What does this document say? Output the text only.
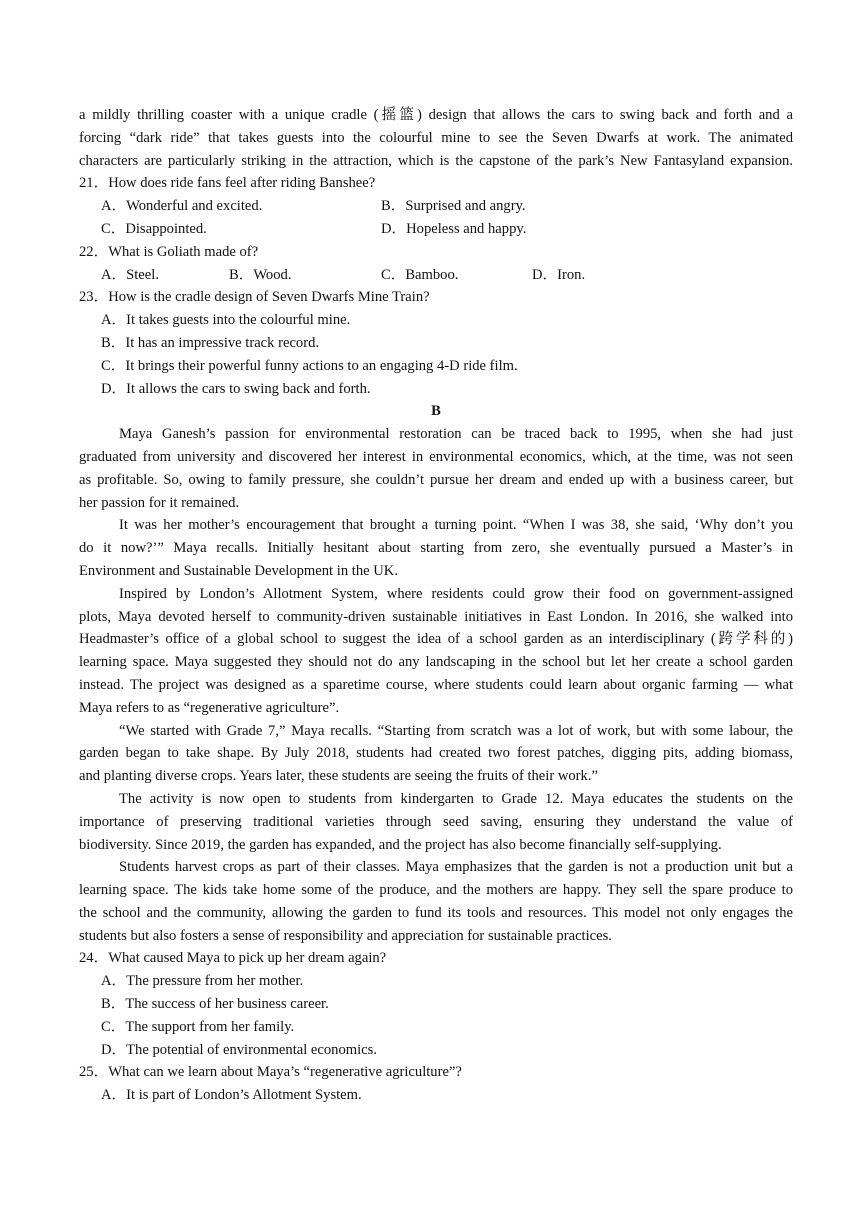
a mildly thrilling coaster with a unique cradle (摇篮) design that allows the cars to swing back and forth and a

forcing “dark ride” that takes guests into the colourful mine to see the Seven Dwarfs at work. The animated

characters are particularly striking in the attraction, which is the capstone of the park’s New Fantasyland expansion.

21．How does ride fans feel after riding Banshee?

A．Wonderful and excited.	B．Surprised and angry.
C．Disappointed.	D．Hopeless and happy.

22．What is Goliath made of?

A．Steel.	B．Wood.	C．Bamboo.	D．Iron.

23．How is the cradle design of Seven Dwarfs Mine Train?

A．It takes guests into the colourful mine.

B．It has an impressive track record.

C．It brings their powerful funny actions to an engaging 4-D ride film.

D．It allows the cars to swing back and forth.

B

Maya Ganesh’s passion for environmental restoration can be traced back to 1995, when she had just

graduated from university and discovered her interest in environmental economics, which, at the time, was not seen

as profitable. So, owing to family pressure, she couldn’t pursue her dream and ended up with a business career, but

her passion for it remained.

It was her mother’s encouragement that brought a turning point. “When I was 38, she said, ‘Why don’t you

do it now?’” Maya recalls. Initially hesitant about starting from zero, she eventually pursued a Master’s in

Environment and Sustainable Development in the UK.

Inspired by London’s Allotment System, where residents could grow their food on government-assigned

plots, Maya devoted herself to community-driven sustainable initiatives in East London. In 2016, she walked into

Headmaster’s office of a global school to suggest the idea of a school garden as an interdisciplinary (跨学科的)

learning space. Maya suggested they should not do any landscaping in the school but let her create a school garden

instead. The project was designed as a sparetime course, where students could learn about organic farming — what

Maya refers to as “regenerative agriculture”.

“We started with Grade 7,” Maya recalls. “Starting from scratch was a lot of work, but with some labour, the

garden began to take shape. By July 2018, students had created two forest patches, digging pits, adding biomass,

and planting diverse crops. Years later, these students are seeing the fruits of their work.”

The activity is now open to students from kindergarten to Grade 12. Maya educates the students on the

importance of preserving traditional varieties through seed saving, ensuring they understand the value of

biodiversity. Since 2019, the garden has expanded, and the project has also become financially self-supplying.

Students harvest crops as part of their classes. Maya emphasizes that the garden is not a production unit but a

learning space. The kids take home some of the produce, and the mothers are happy. They sell the spare produce to

the school and the community, allowing the garden to fund its tools and resources. This model not only engages the

students but also fosters a sense of responsibility and appreciation for sustainable practices.

24．What caused Maya to pick up her dream again?

A．The pressure from her mother.

B．The success of her business career.

C．The support from her family.

D．The potential of environmental economics.

25．What can we learn about Maya’s “regenerative agriculture”?

A．It is part of London’s Allotment System.
